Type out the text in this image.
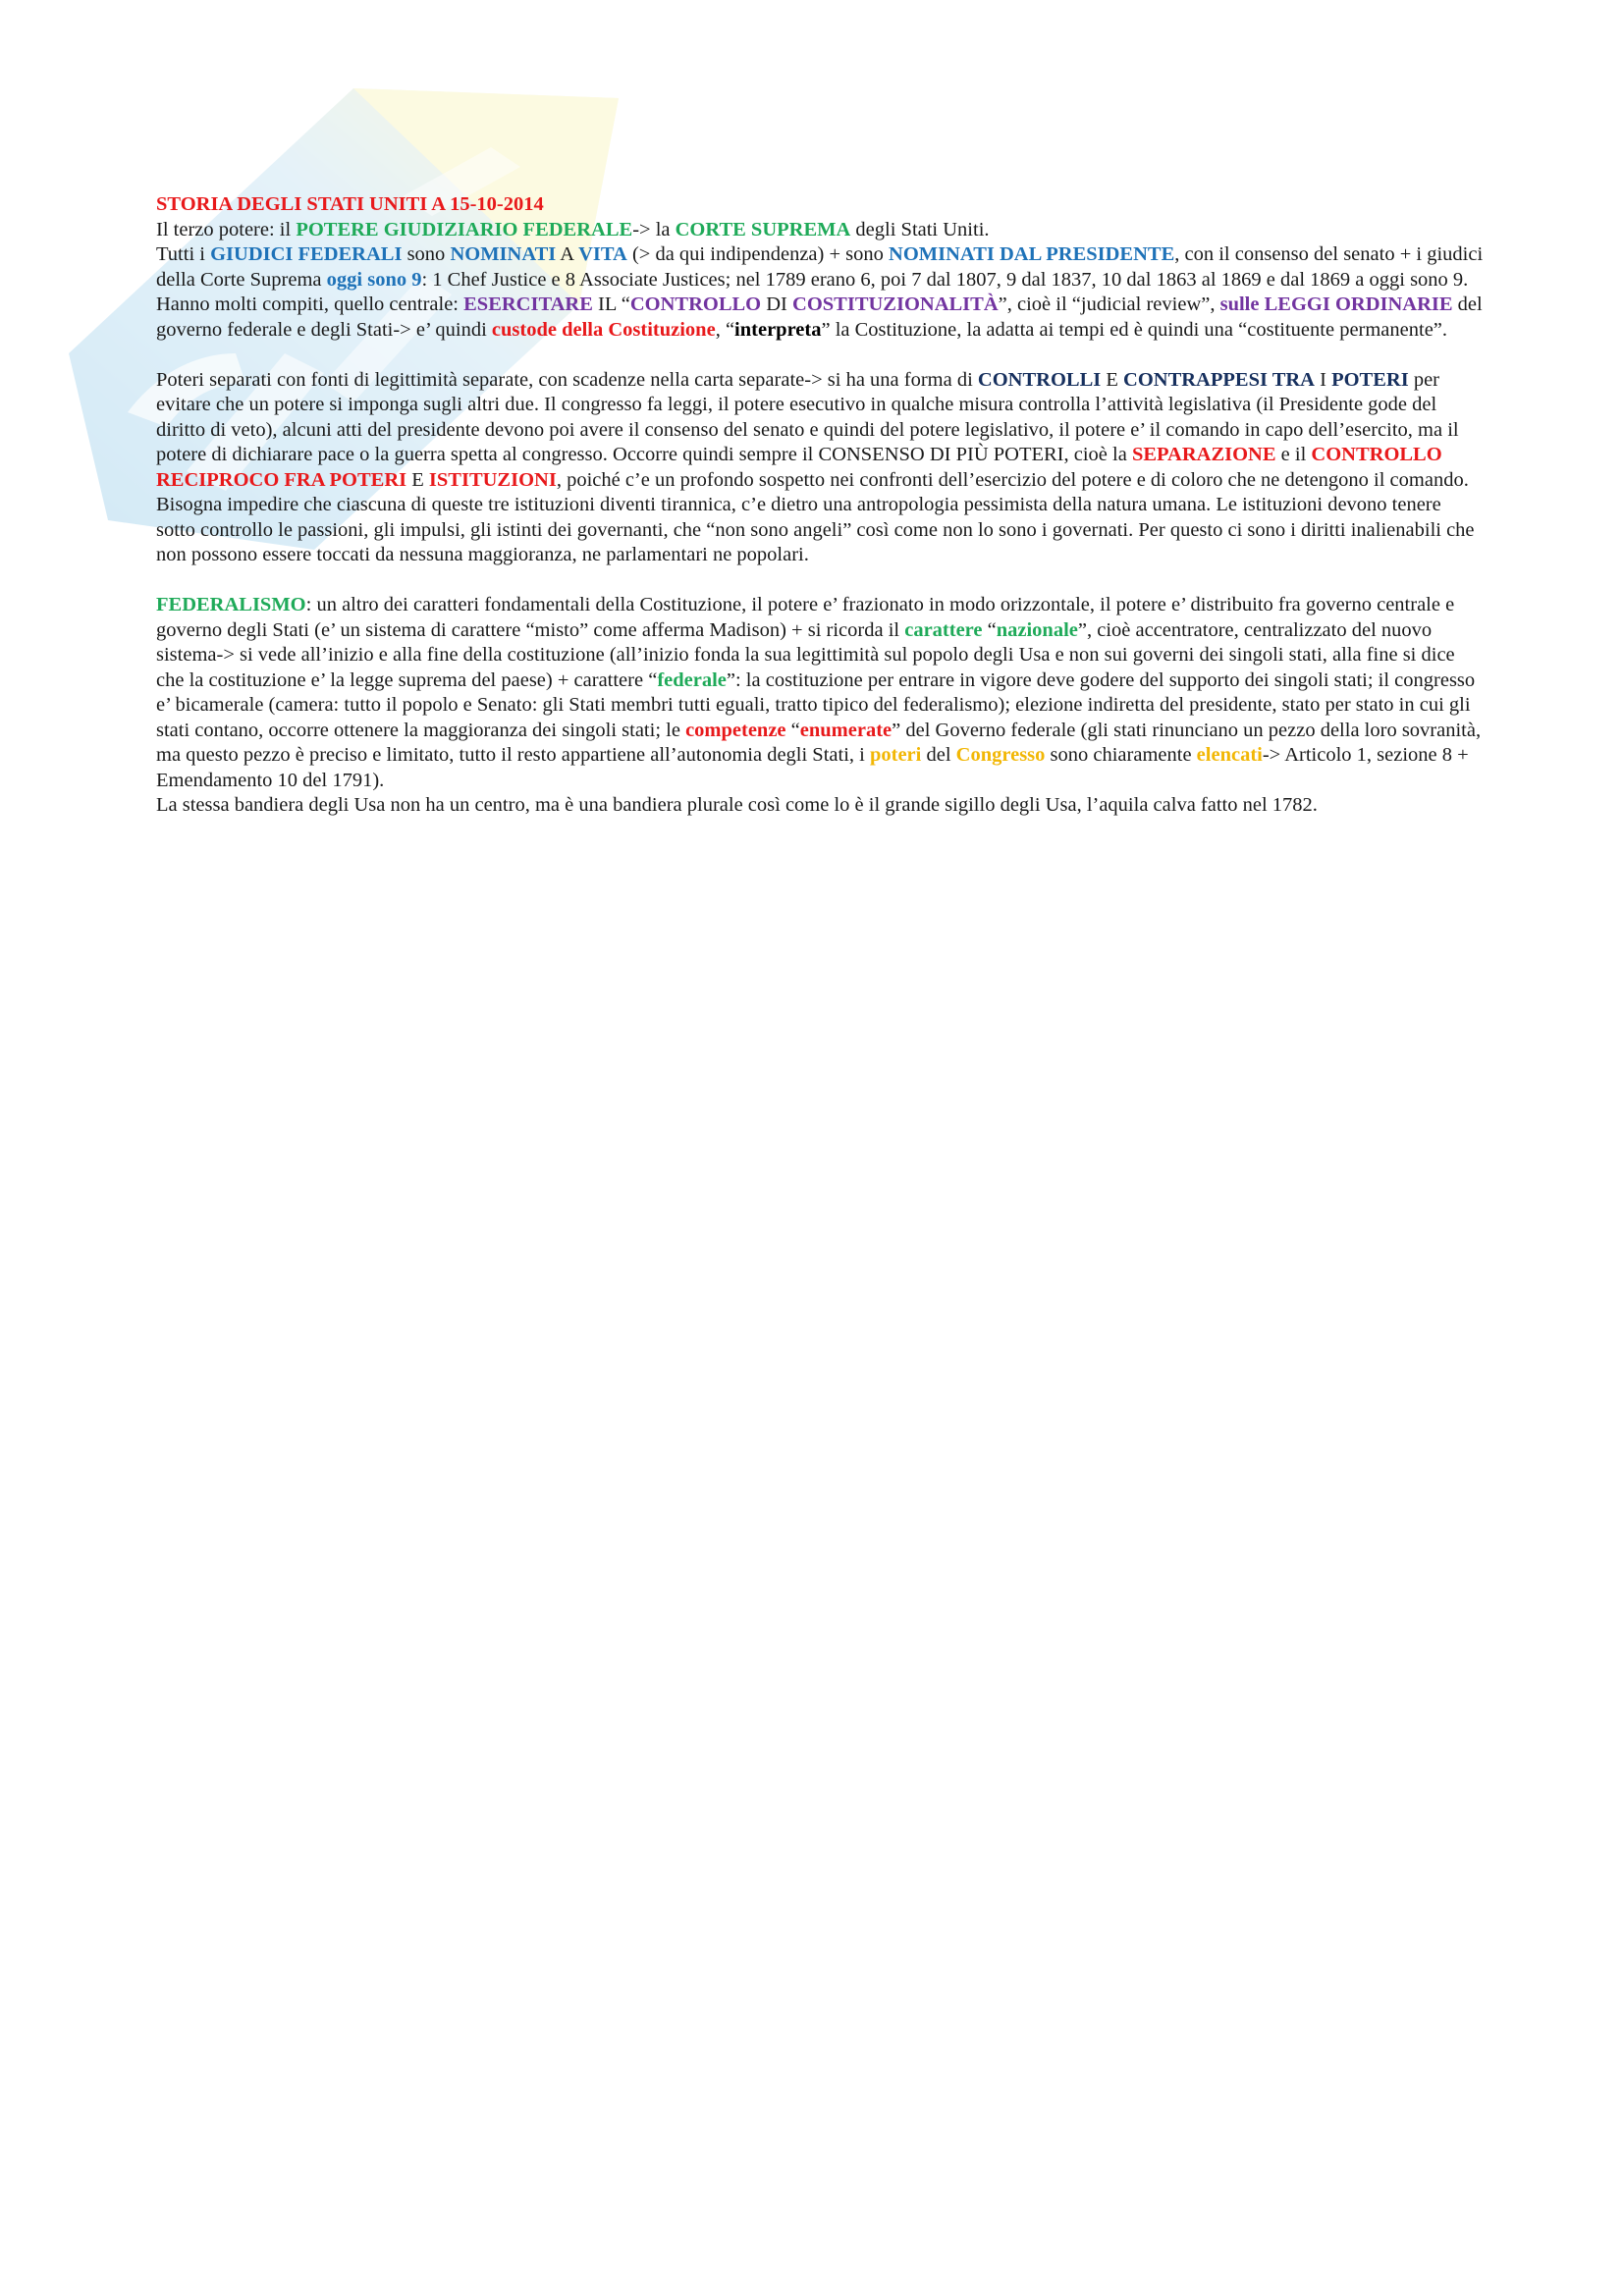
STORIA DEGLI STATI UNITI A 15-10-2014

Il terzo potere: il POTERE GIUDIZIARIO FEDERALE-> la CORTE SUPREMA degli Stati Uniti.

Tutti i GIUDICI FEDERALI sono NOMINATI A VITA (> da qui indipendenza) + sono NOMINATI DAL PRESIDENTE, con il consenso del senato + i giudici della Corte Suprema oggi sono 9: 1 Chef Justice e 8 Associate Justices; nel 1789 erano 6, poi 7 dal 1807, 9 dal 1837, 10 dal 1863 al 1869 e dal 1869 a oggi sono 9.

Hanno molti compiti, quello centrale: ESERCITARE IL “CONTROLLO DI COSTITUZIONALITÀ”, cioè il “judicial review”, sulle LEGGI ORDINARIE del governo federale e degli Stati-> e’ quindi custode della Costituzione, “interpreta” la Costituzione, la adatta ai tempi ed è quindi una “costituente permanente”.

Poteri separati con fonti di legittimità separate, con scadenze nella carta separate-> si ha una forma di CONTROLLI E CONTRAPPESI TRA I POTERI per evitare che un potere si imponga sugli altri due. Il congresso fa leggi, il potere esecutivo in qualche misura controlla l’attività legislativa (il Presidente gode del diritto di veto), alcuni atti del presidente devono poi avere il consenso del senato e quindi del potere legislativo, il potere e’ il comando in capo dell’esercito, ma il potere di dichiarare pace o la guerra spetta al congresso. Occorre quindi sempre il CONSENSO DI PIÙ POTERI, cioè la SEPARAZIONE e il CONTROLLO RECIPROCO FRA POTERI E ISTITUZIONI, poiché c’e un profondo sospetto nei confronti dell’esercizio del potere e di coloro che ne detengono il comando. Bisogna impedire che ciascuna di queste tre istituzioni diventi tirannica, c’e dietro una antropologia pessimista della natura umana. Le istituzioni devono tenere sotto controllo le passioni, gli impulsi, gli istinti dei governanti, che “non sono angeli” così come non lo sono i governati. Per questo ci sono i diritti inalienabili che non possono essere toccati da nessuna maggioranza, ne parlamentari ne popolari.

FEDERALISMO: un altro dei caratteri fondamentali della Costituzione, il potere e’ frazionato in modo orizzontale, il potere e’ distribuito fra governo centrale e governo degli Stati (e’ un sistema di carattere “misto” come afferma Madison) + si ricorda il carattere “nazionale”, cioè accentratore, centralizzato del nuovo sistema-> si vede all’inizio e alla fine della costituzione (all’inizio fonda la sua legittimità sul popolo degli Usa e non sui governi dei singoli stati, alla fine si dice che la costituzione e’ la legge suprema del paese) + carattere “federale”: la costituzione per entrare in vigore deve godere del supporto dei singoli stati; il congresso e’ bicamerale (camera: tutto il popolo e Senato: gli Stati membri tutti eguali, tratto tipico del federalismo); elezione indiretta del presidente, stato per stato in cui gli stati contano, occorre ottenere la maggioranza dei singoli stati; le competenze “enumerate” del Governo federale (gli stati rinunciano un pezzo della loro sovranità, ma questo pezzo è preciso e limitato, tutto il resto appartiene all’autonomia degli Stati, i poteri del Congresso sono chiaramente elencati-> Articolo 1, sezione 8 + Emendamento 10 del 1791).

La stessa bandiera degli Usa non ha un centro, ma è una bandiera plurale così come lo è il grande sigillo degli Usa, l’aquila calva fatto nel 1782.
